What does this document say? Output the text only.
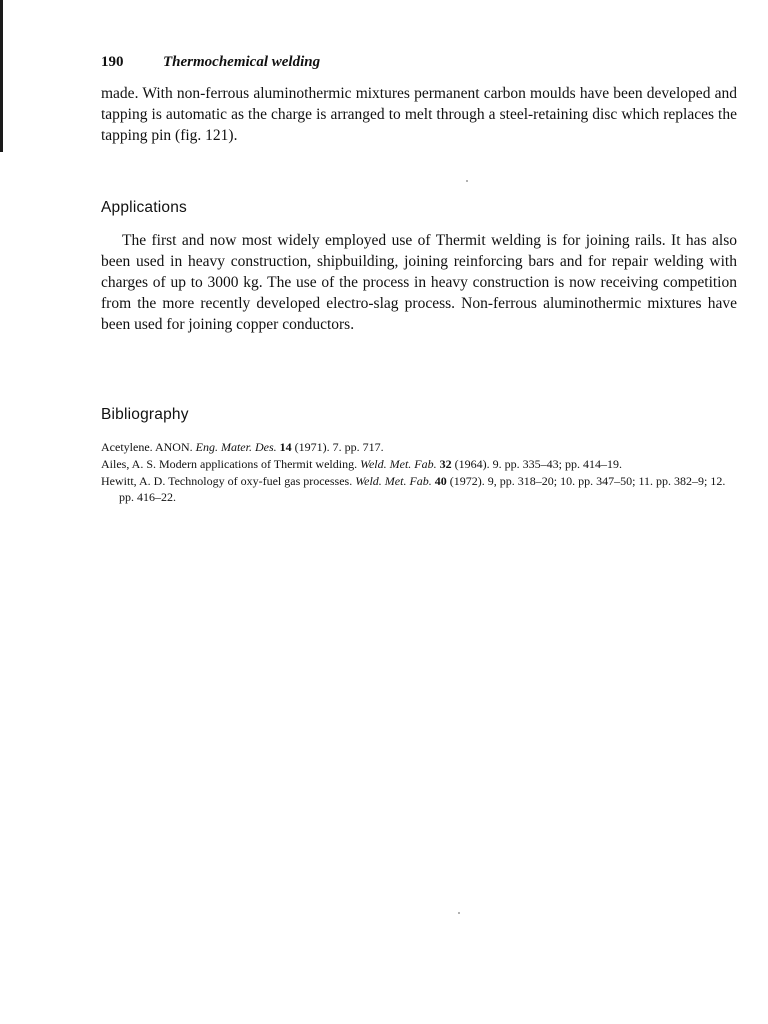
190	Thermochemical welding

made. With non-ferrous aluminothermic mixtures permanent carbon moulds have been developed and tapping is automatic as the charge is arranged to melt through a steel-retaining disc which replaces the tapping pin (fig. 121).

Applications

The first and now most widely employed use of Thermit welding is for joining rails. It has also been used in heavy construction, shipbuilding, joining reinforcing bars and for repair welding with charges of up to 3000 kg. The use of the process in heavy construction is now receiving competition from the more recently developed electro-slag process. Non-ferrous aluminothermic mixtures have been used for joining copper conductors.

Bibliography
Acetylene. ANON. Eng. Mater. Des. 14 (1971). 7. pp. 717.
Ailes, A. S. Modern applications of Thermit welding. Weld. Met. Fab. 32 (1964). 9. pp. 335–43; pp. 414–19.
Hewitt, A. D. Technology of oxy-fuel gas processes. Weld. Met. Fab. 40 (1972). 9, pp. 318–20; 10. pp. 347–50; 11. pp. 382–9; 12. pp. 416–22.
